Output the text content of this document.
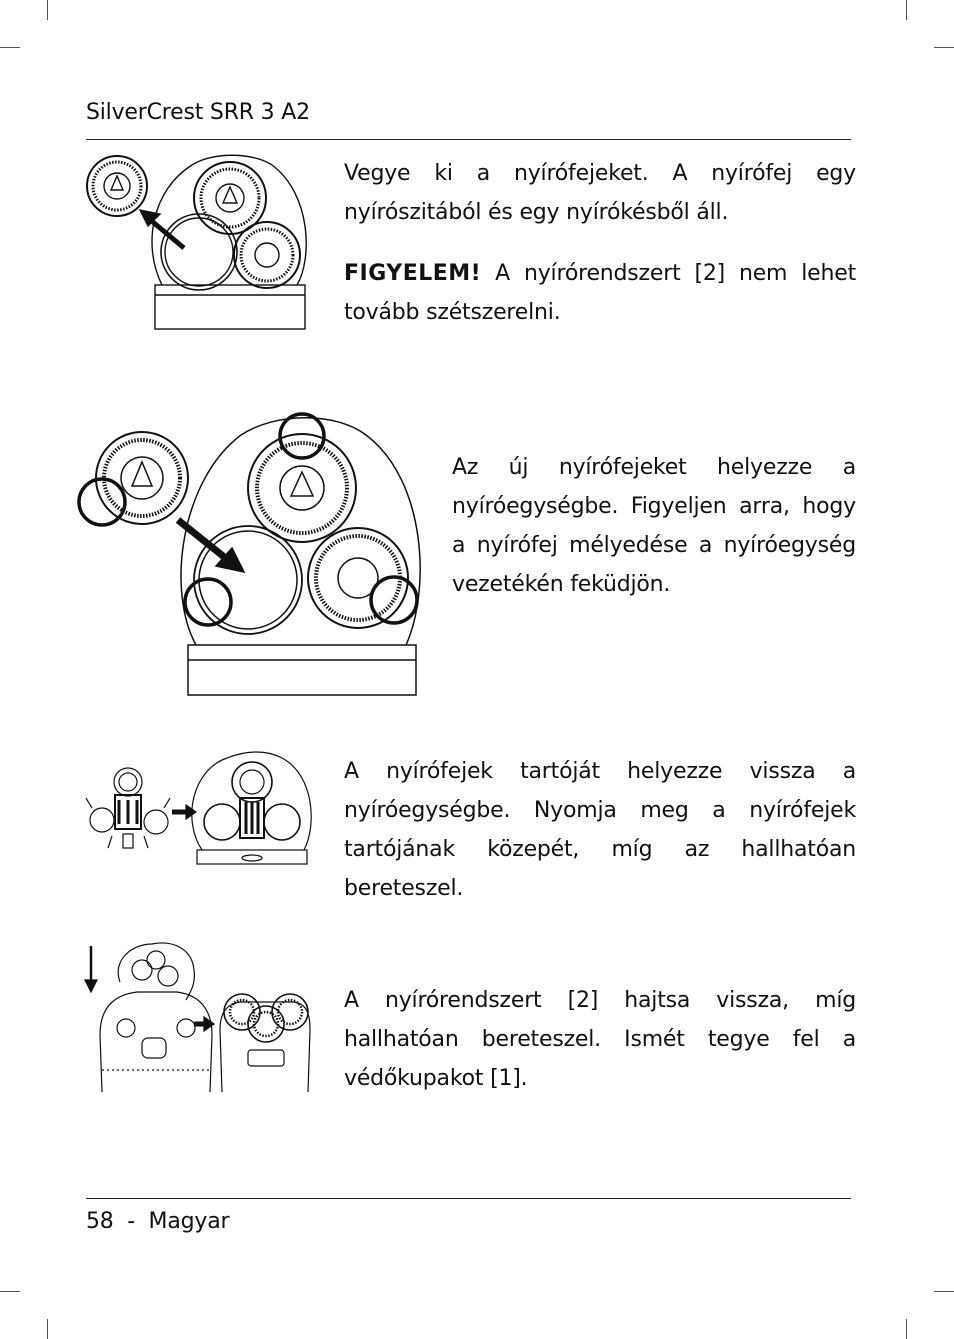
SilverCrest SRR 3 A2

Vegye ki a nyírófejeket. A nyírófej egy nyírószitából és egy nyírókésből áll.

FIGYELEM! A nyírórendszert [2] nem lehet tovább szétszerelni.

Az új nyírófejeket helyezze a nyíróegységbe. Figyeljen arra, hogy a nyírófej mélyedése a nyíróegység vezetékén feküdjön.

A nyírófejek tartóját helyezze vissza a nyíróegységbe. Nyomja meg a nyírófejek tartójának közepét, míg az hallhatóan bereteszel.

A nyírórendszert [2] hajtsa vissza, míg hallhatóan bereteszel. Ismét tegye fel a védőkupakot [1].

58 - Magyar
